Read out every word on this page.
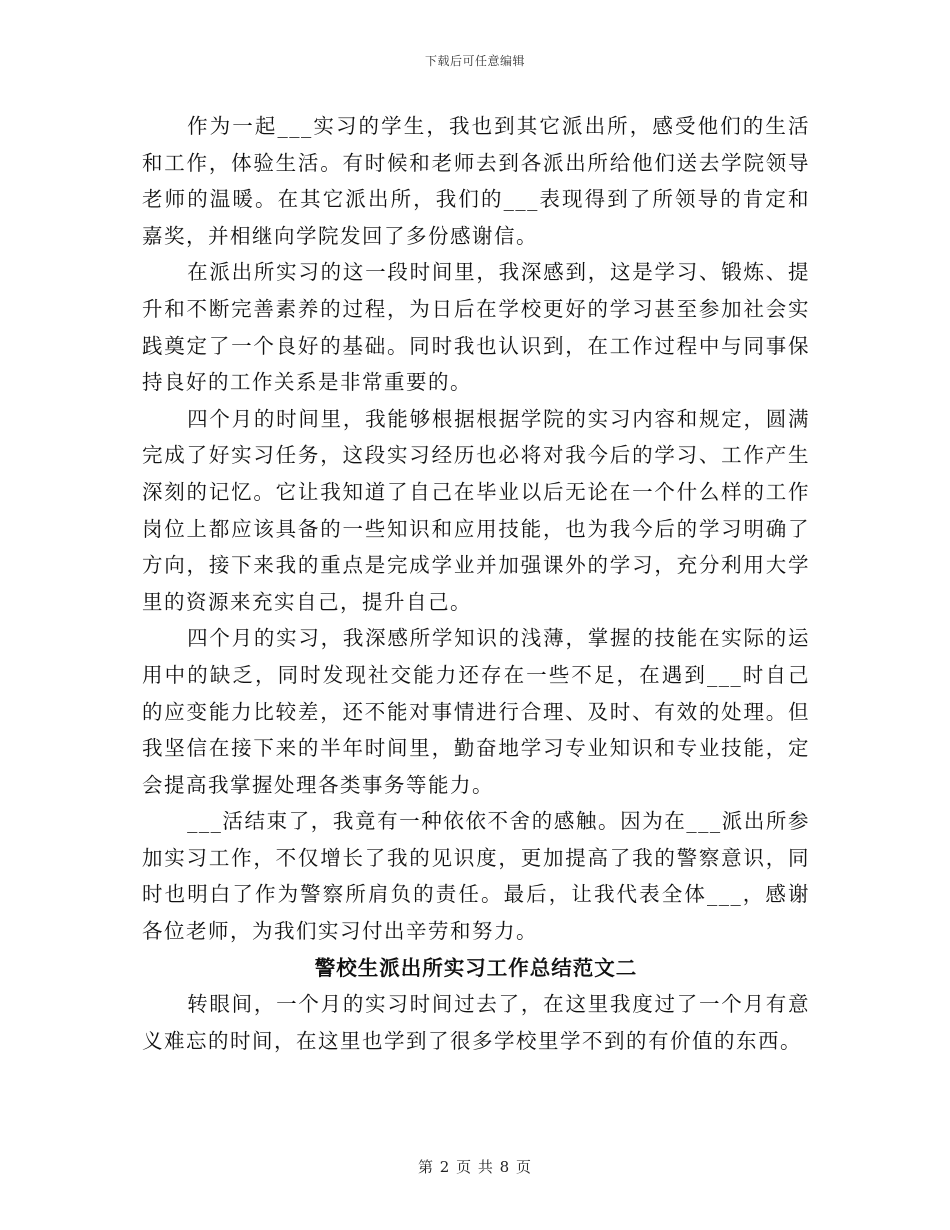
下载后可任意编辑

作为一起___实习的学生，我也到其它派出所，感受他们的生活和工作，体验生活。有时候和老师去到各派出所给他们送去学院领导老师的温暖。在其它派出所，我们的___表现得到了所领导的肯定和嘉奖，并相继向学院发回了多份感谢信。

在派出所实习的这一段时间里，我深感到，这是学习、锻炼、提升和不断完善素养的过程，为日后在学校更好的学习甚至参加社会实践奠定了一个良好的基础。同时我也认识到，在工作过程中与同事保持良好的工作关系是非常重要的。

四个月的时间里，我能够根据根据学院的实习内容和规定，圆满完成了好实习任务，这段实习经历也必将对我今后的学习、工作产生深刻的记忆。它让我知道了自己在毕业以后无论在一个什么样的工作岗位上都应该具备的一些知识和应用技能，也为我今后的学习明确了方向，接下来我的重点是完成学业并加强课外的学习，充分利用大学里的资源来充实自己，提升自己。

四个月的实习，我深感所学知识的浅薄，掌握的技能在实际的运用中的缺乏，同时发现社交能力还存在一些不足，在遇到___时自己的应变能力比较差，还不能对事情进行合理、及时、有效的处理。但我坚信在接下来的半年时间里，勤奋地学习专业知识和专业技能，定会提高我掌握处理各类事务等能力。

___活结束了，我竟有一种依依不舍的感触。因为在___派出所参加实习工作，不仅增长了我的见识度，更加提高了我的警察意识，同时也明白了作为警察所肩负的责任。最后，让我代表全体___，感谢各位老师，为我们实习付出辛劳和努力。

警校生派出所实习工作总结范文二

转眼间，一个月的实习时间过去了，在这里我度过了一个月有意义难忘的时间，在这里也学到了很多学校里学不到的有价值的东西。

第 2 页 共 8 页
